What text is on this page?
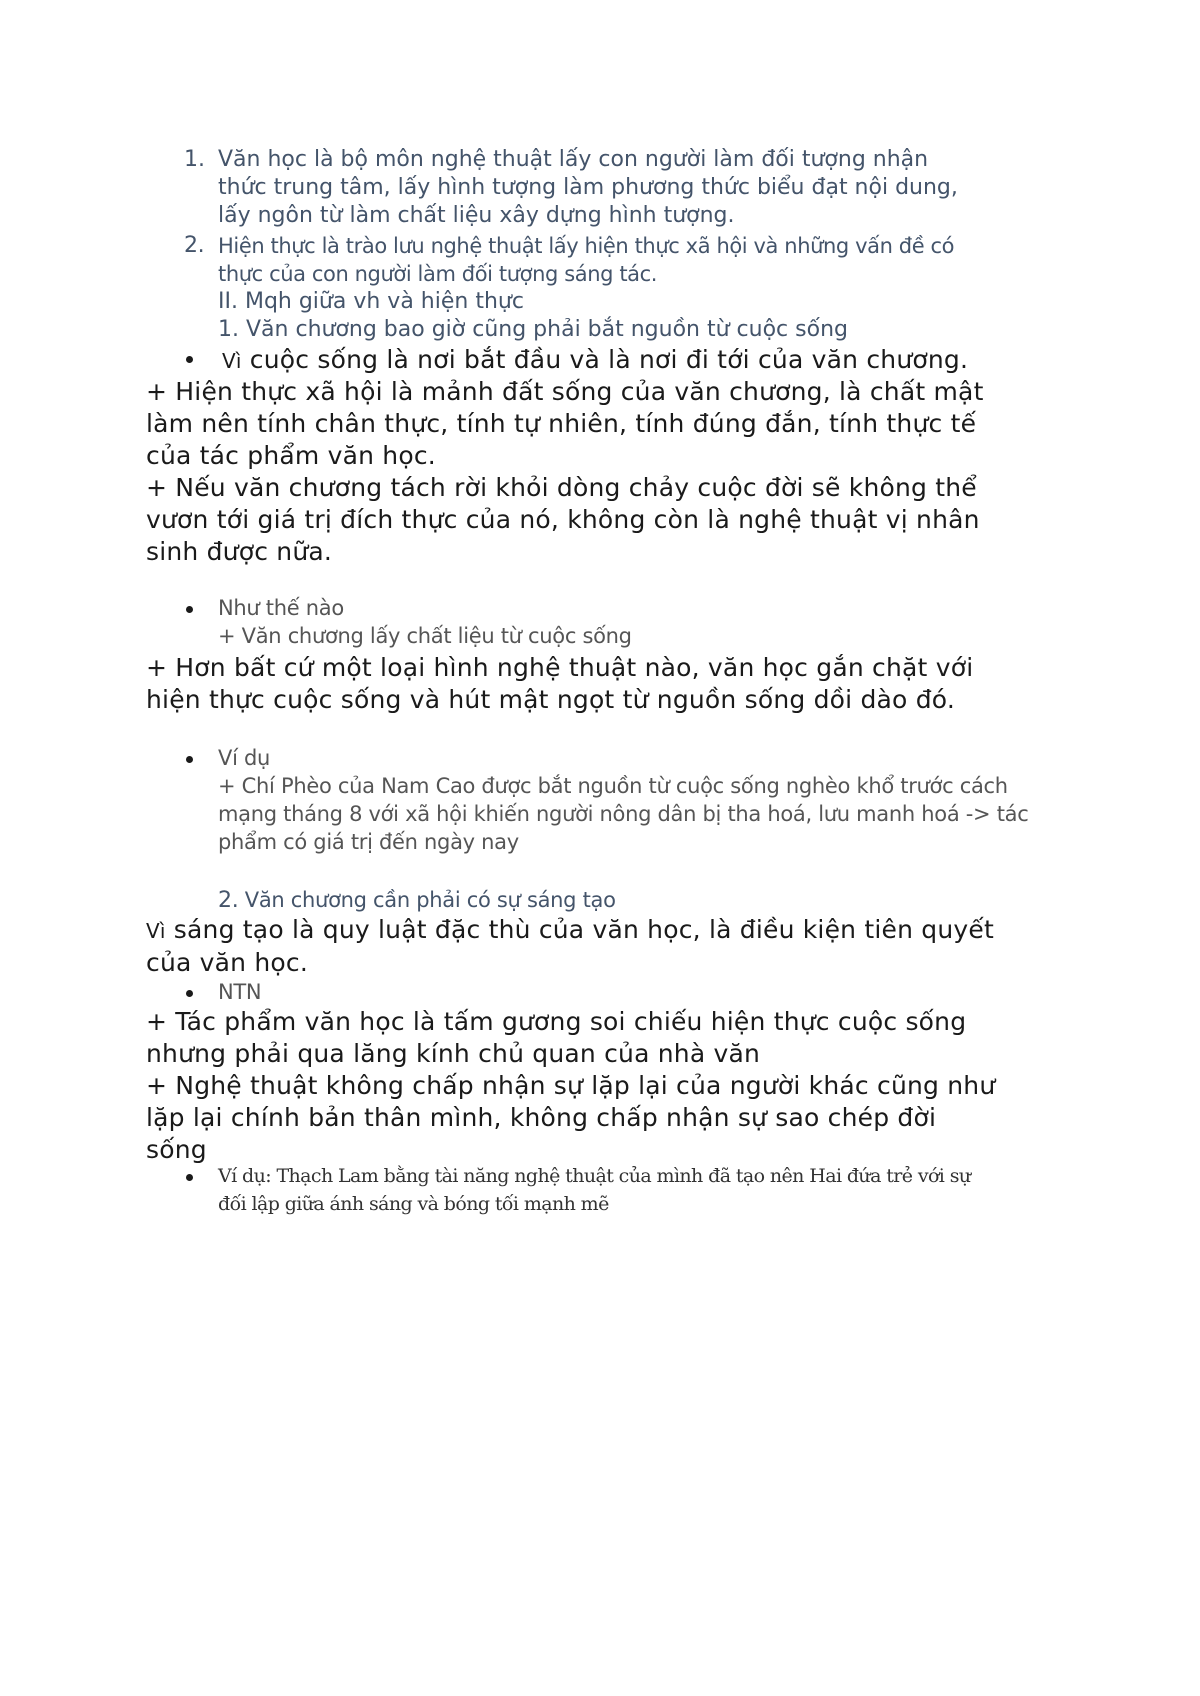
1. Văn học là bộ môn nghệ thuật lấy con người làm đối tượng nhận
thức trung tâm, lấy hình tượng làm phương thức biểu đạt nội dung,
lấy ngôn từ làm chất liệu xây dựng hình tượng.
2. Hiện thực là trào lưu nghệ thuật lấy hiện thực xã hội và những vấn đề có
thực của con người làm đối tượng sáng tác.
II. Mqh giữa vh và hiện thực
1. Văn chương bao giờ cũng phải bắt nguồn từ cuộc sống
Vì cuộc sống là nơi bắt đầu và là nơi đi tới của văn chương.
+ Hiện thực xã hội là mảnh đất sống của văn chương, là chất mật
làm nên tính chân thực, tính tự nhiên, tính đúng đắn, tính thực tế
của tác phẩm văn học.
+ Nếu văn chương tách rời khỏi dòng chảy cuộc đời sẽ không thể
vươn tới giá trị đích thực của nó, không còn là nghệ thuật vị nhân
sinh được nữa.
Như thế nào
+ Văn chương lấy chất liệu từ cuộc sống
+ Hơn bất cứ một loại hình nghệ thuật nào, văn học gắn chặt với
hiện thực cuộc sống và hút mật ngọt từ nguồn sống dồi dào đó.
Ví dụ
+ Chí Phèo của Nam Cao được bắt nguồn từ cuộc sống nghèo khổ trước cách
mạng tháng 8 với xã hội khiến người nông dân bị tha hoá, lưu manh hoá -> tác
phẩm có giá trị đến ngày nay
2. Văn chương cần phải có sự sáng tạo
Vì sáng tạo là quy luật đặc thù của văn học, là điều kiện tiên quyết
của văn học.
NTN
+ Tác phẩm văn học là tấm gương soi chiếu hiện thực cuộc sống
nhưng phải qua lăng kính chủ quan của nhà văn
+ Nghệ thuật không chấp nhận sự lặp lại của người khác cũng như
lặp lại chính bản thân mình, không chấp nhận sự sao chép đời
sống
Ví dụ: Thạch Lam bằng tài năng nghệ thuật của mình đã tạo nên Hai đứa trẻ với sự
đối lập giữa ánh sáng và bóng tối mạnh mẽ
